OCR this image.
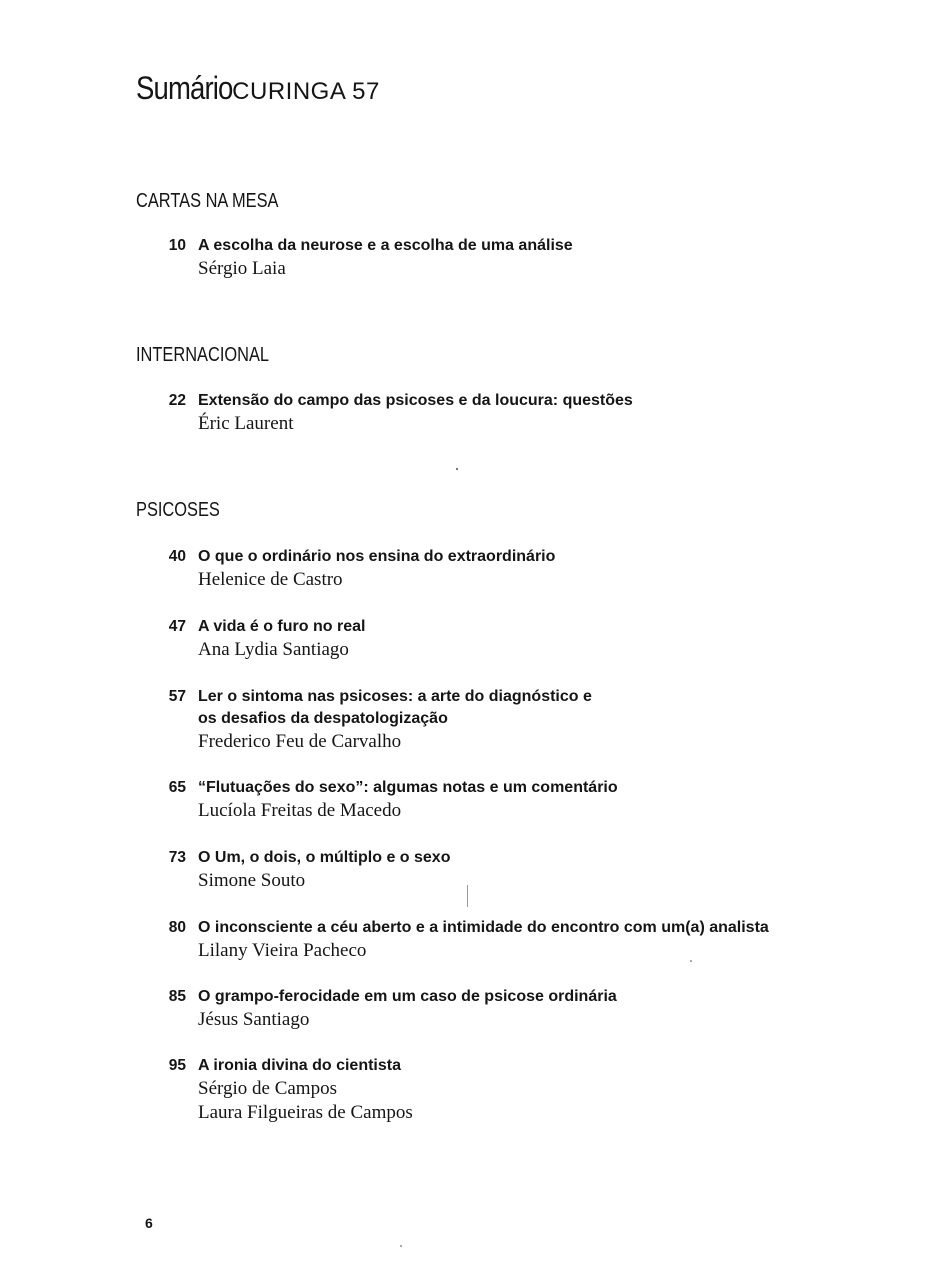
Sumário CURINGA 57
CARTAS NA MESA
10 A escolha da neurose e a escolha de uma análise
Sérgio Laia
INTERNACIONAL
22 Extensão do campo das psicoses e da loucura: questões
Éric Laurent
PSICOSES
40 O que o ordinário nos ensina do extraordinário
Helenice de Castro
47 A vida é o furo no real
Ana Lydia Santiago
57 Ler o sintoma nas psicoses: a arte do diagnóstico e
os desafios da despatologização
Frederico Feu de Carvalho
65 “Flutuações do sexo”: algumas notas e um comentário
Lucíola Freitas de Macedo
73 O Um, o dois, o múltiplo e o sexo
Simone Souto
80 O inconsciente a céu aberto e a intimidade do encontro com um(a) analista
Lilany Vieira Pacheco
85 O grampo-ferocidade em um caso de psicose ordinária
Jésus Santiago
95 A ironia divina do cientista
Sérgio de Campos
Laura Filgueiras de Campos
6
